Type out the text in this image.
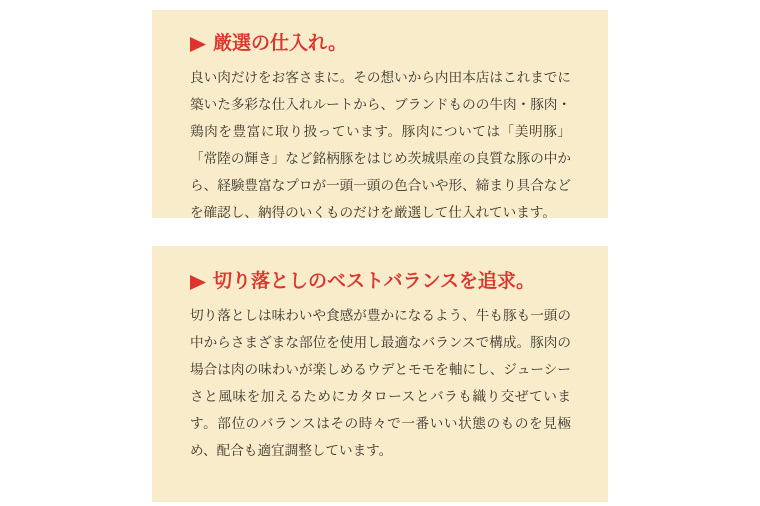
厳選の仕入れ。

良い肉だけをお客さまに。その想いから内田本店はこれまでに築いた多彩な仕入れルートから、ブランドものの牛肉・豚肉・鶏肉を豊富に取り扱っています。豚肉については「美明豚」「常陸の輝き」など銘柄豚をはじめ茨城県産の良質な豚の中から、経験豊富なプロが一頭一頭の色合いや形、締まり具合などを確認し、納得のいくものだけを厳選して仕入れています。

切り落としのベストバランスを追求。

切り落としは味わいや食感が豊かになるよう、牛も豚も一頭の中からさまざまな部位を使用し最適なバランスで構成。豚肉の場合は肉の味わいが楽しめるウデとモモを軸にし、ジューシーさと風味を加えるためにカタロースとバラも織り交ぜています。部位のバランスはその時々で一番いい状態のものを見極め、配合も適宜調整しています。
